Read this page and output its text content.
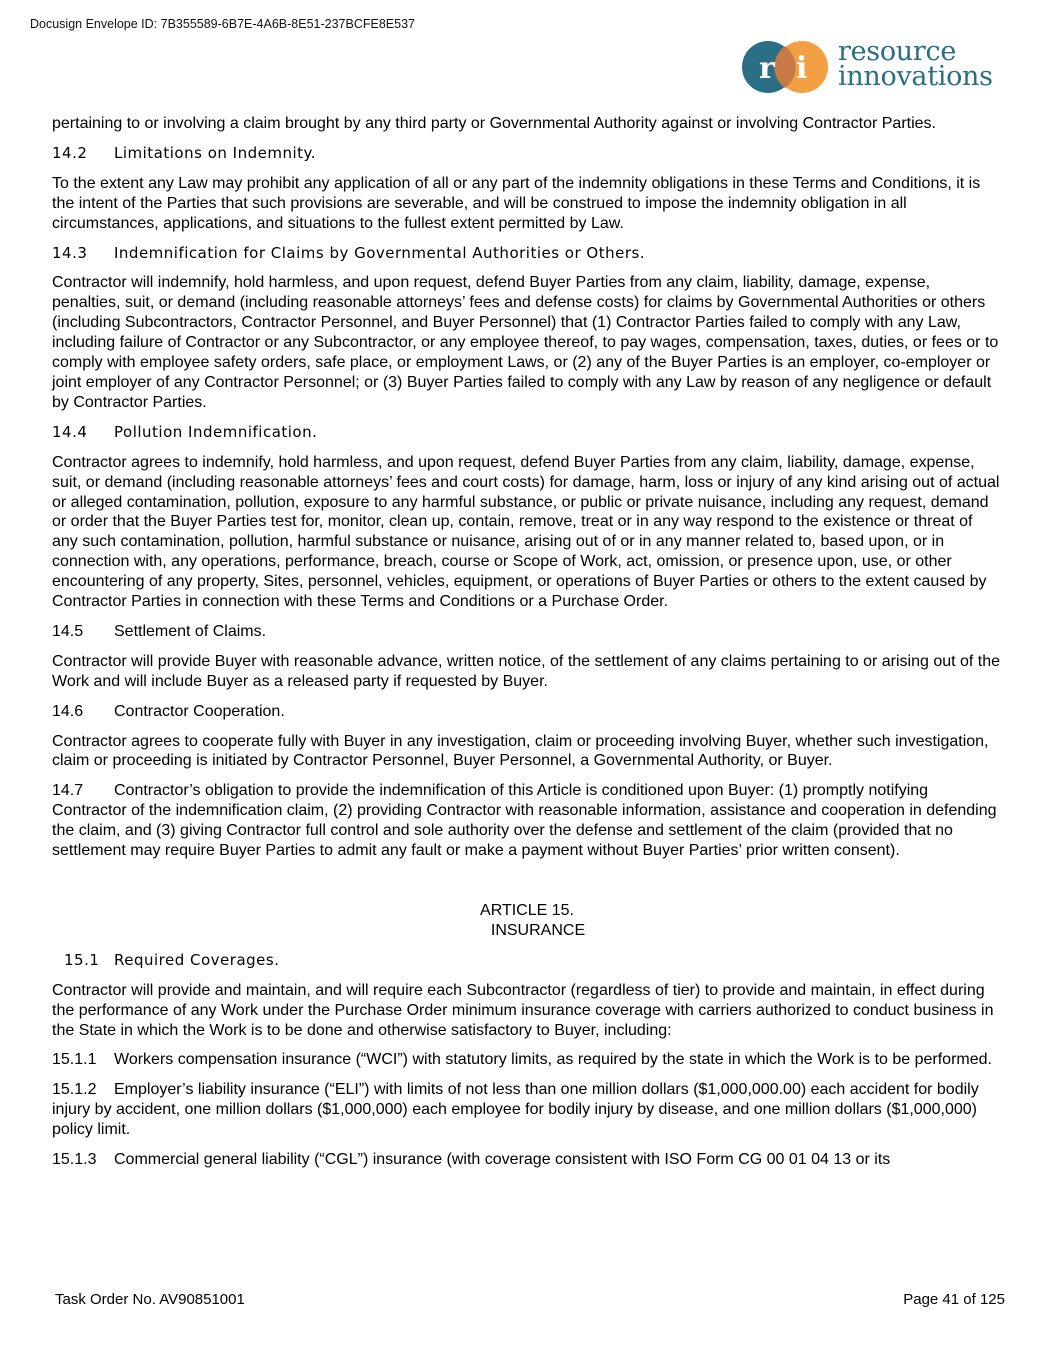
Docusign Envelope ID: 7B355589-6B7E-4A6B-8E51-237BCFE8E537
r i resource
innovations

pertaining to or involving a claim brought by any third party or Governmental Authority against or involving Contractor Parties.

14.2 Limitations on Indemnity.

To the extent any Law may prohibit any application of all or any part of the indemnity obligations in these Terms and Conditions, it is the intent of the Parties that such provisions are severable, and will be construed to impose the indemnity obligation in all circumstances, applications, and situations to the fullest extent permitted by Law.

14.3 Indemnification for Claims by Governmental Authorities or Others.

Contractor will indemnify, hold harmless, and upon request, defend Buyer Parties from any claim, liability, damage, expense, penalties, suit, or demand (including reasonable attorneys’ fees and defense costs) for claims by Governmental Authorities or others (including Subcontractors, Contractor Personnel, and Buyer Personnel) that (1) Contractor Parties failed to comply with any Law, including failure of Contractor or any Subcontractor, or any employee thereof, to pay wages, compensation, taxes, duties, or fees or to comply with employee safety orders, safe place, or employment Laws, or (2) any of the Buyer Parties is an employer, co-employer or joint employer of any Contractor Personnel; or (3) Buyer Parties failed to comply with any Law by reason of any negligence or default by Contractor Parties.

14.4 Pollution Indemnification.

Contractor agrees to indemnify, hold harmless, and upon request, defend Buyer Parties from any claim, liability, damage, expense, suit, or demand (including reasonable attorneys’ fees and court costs) for damage, harm, loss or injury of any kind arising out of actual or alleged contamination, pollution, exposure to any harmful substance, or public or private nuisance, including any request, demand or order that the Buyer Parties test for, monitor, clean up, contain, remove, treat or in any way respond to the existence or threat of any such contamination, pollution, harmful substance or nuisance, arising out of or in any manner related to, based upon, or in connection with, any operations, performance, breach, course or Scope of Work, act, omission, or presence upon, use, or other encountering of any property, Sites, personnel, vehicles, equipment, or operations of Buyer Parties or others to the extent caused by Contractor Parties in connection with these Terms and Conditions or a Purchase Order.

14.5 Settlement of Claims.

Contractor will provide Buyer with reasonable advance, written notice, of the settlement of any claims pertaining to or arising out of the Work and will include Buyer as a released party if requested by Buyer.

14.6 Contractor Cooperation.

Contractor agrees to cooperate fully with Buyer in any investigation, claim or proceeding involving Buyer, whether such investigation, claim or proceeding is initiated by Contractor Personnel, Buyer Personnel, a Governmental Authority, or Buyer.

14.7 Contractor’s obligation to provide the indemnification of this Article is conditioned upon Buyer: (1) promptly notifying Contractor of the indemnification claim, (2) providing Contractor with reasonable information, assistance and cooperation in defending the claim, and (3) giving Contractor full control and sole authority over the defense and settlement of the claim (provided that no settlement may require Buyer Parties to admit any fault or make a payment without Buyer Parties’ prior written consent).

ARTICLE 15.
INSURANCE
15.1 Required Coverages.

Contractor will provide and maintain, and will require each Subcontractor (regardless of tier) to provide and maintain, in effect during the performance of any Work under the Purchase Order minimum insurance coverage with carriers authorized to conduct business in the State in which the Work is to be done and otherwise satisfactory to Buyer, including:

15.1.1 Workers compensation insurance (“WCI”) with statutory limits, as required by the state in which the Work is to be performed.

15.1.2 Employer’s liability insurance (“ELI”) with limits of not less than one million dollars ($1,000,000.00) each accident for bodily injury by accident, one million dollars ($1,000,000) each employee for bodily injury by disease, and one million dollars ($1,000,000) policy limit.

15.1.3 Commercial general liability (“CGL”) insurance (with coverage consistent with ISO Form CG 00 01 04 13 or its

Task Order No. AV90851001	Page 41 of 125
